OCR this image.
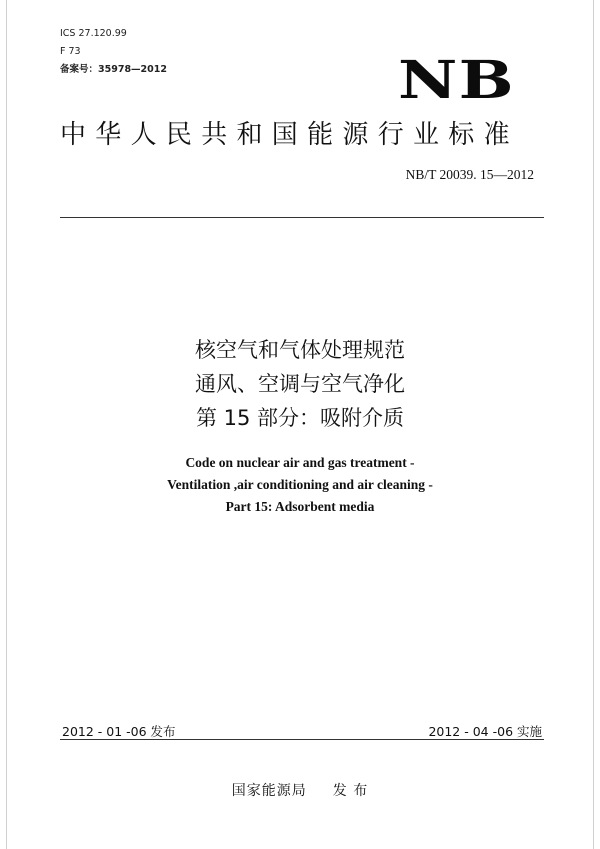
ICS 27.120.99
F 73
备案号：35978—2012	NB
中华人民共和国能源行业标准
NB/T 20039. 15—2012
核空气和气体处理规范
通风、空调与空气净化
第 15 部分：吸附介质
Code on nuclear air and gas treatment -
Ventilation ,air conditioning and air cleaning -
Part 15: Adsorbent media
2012 - 01 -06 发布	2012 - 04 -06 实施
国家能源局 发 布
